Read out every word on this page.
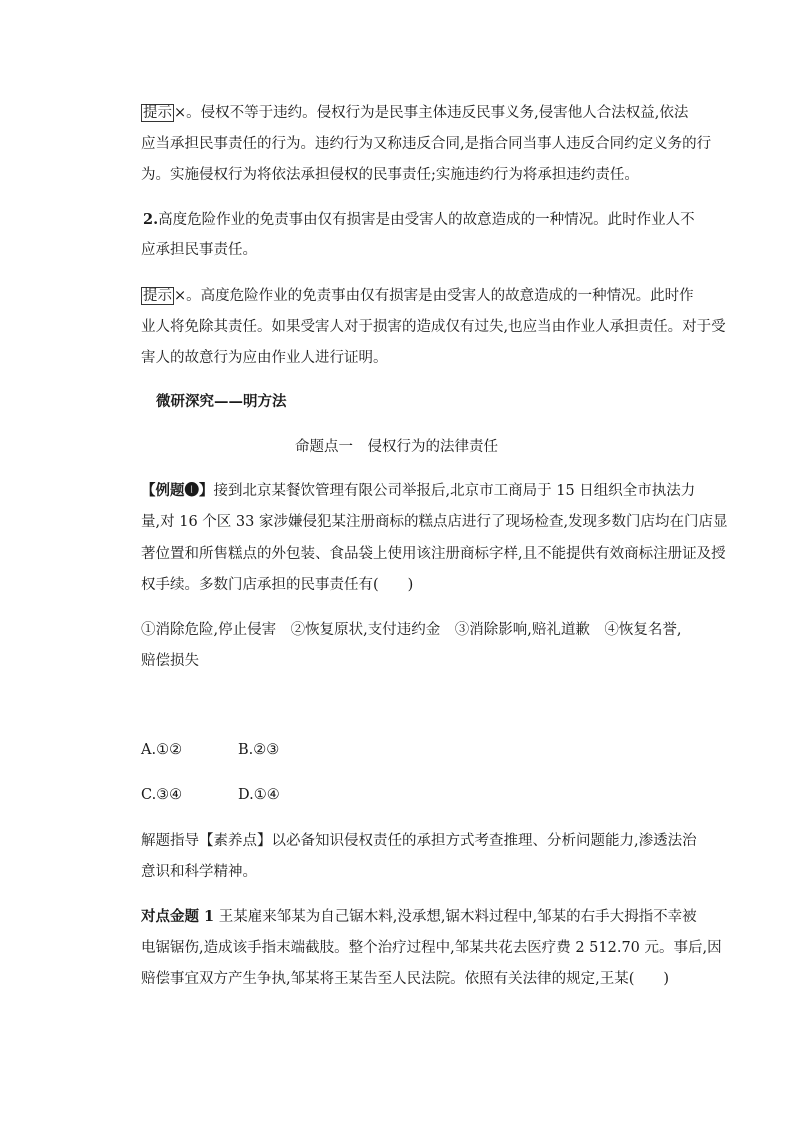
提示 ×。侵权不等于违约。侵权行为是民事主体违反民事义务,侵害他人合法权益,依法
应当承担民事责任的行为。违约行为又称违反合同,是指合同当事人违反合同约定义务的行
为。实施侵权行为将依法承担侵权的民事责任;实施违约行为将承担违约责任。
2.高度危险作业的免责事由仅有损害是由受害人的故意造成的一种情况。此时作业人不
应承担民事责任。
提示 ×。高度危险作业的免责事由仅有损害是由受害人的故意造成的一种情况。此时作
业人将免除其责任。如果受害人对于损害的造成仅有过失,也应当由作业人承担责任。对于受
害人的故意行为应由作业人进行证明。
微研深究——明方法
命题点一　侵权行为的法律责任
【例题❶】接到北京某餐饮管理有限公司举报后,北京市工商局于 15 日组织全市执法力
量,对 16 个区 33 家涉嫌侵犯某注册商标的糕点店进行了现场检查,发现多数门店均在门店显
著位置和所售糕点的外包装、食品袋上使用该注册商标字样,且不能提供有效商标注册证及授
权手续。多数门店承担的民事责任有(　　)
①消除危险,停止侵害　②恢复原状,支付违约金　③消除影响,赔礼道歉　④恢复名誉,
赔偿损失
A.①②	B.②③
C.③④	D.①④
解题指导【素养点】以必备知识侵权责任的承担方式考查推理、分析问题能力,渗透法治
意识和科学精神。
对点金题 1 王某雇来邹某为自己锯木料,没承想,锯木料过程中,邹某的右手大拇指不幸被
电锯锯伤,造成该手指末端截肢。整个治疗过程中,邹某共花去医疗费 2 512.70 元。事后,因
赔偿事宜双方产生争执,邹某将王某告至人民法院。依照有关法律的规定,王某(　　)
